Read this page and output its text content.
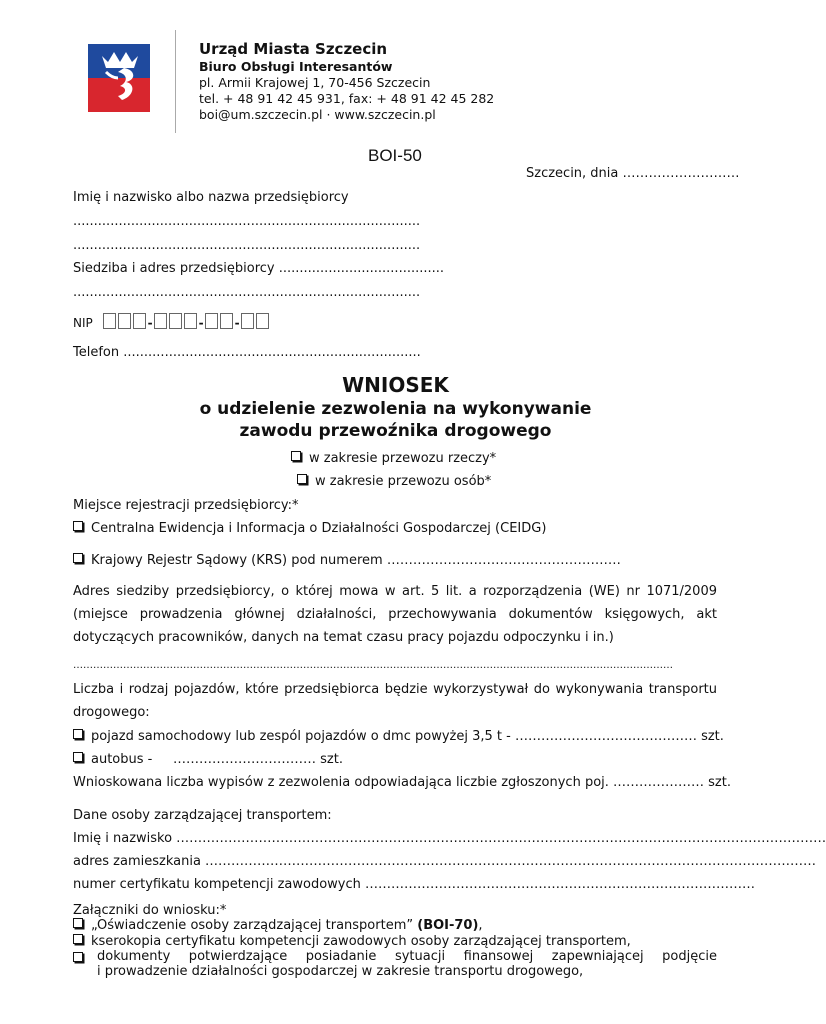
Urząd Miasta Szczecin
Biuro Obsługi Interesantów
pl. Armii Krajowej 1, 70-456 Szczecin
tel. + 48 91 42 45 931, fax: + 48 91 42 45 282
boi@um.szczecin.pl · www.szczecin.pl
BOI-50
Szczecin, dnia ………………………
Imię i nazwisko albo nazwa przedsiębiorcy
....................................................................................
....................................................................................
Siedziba i adres przedsiębiorcy ........................................
....................................................................................
NIP	-	-	-
Telefon ........................................................................
WNIOSEK
o udzielenie zezwolenia na wykonywanie
zawodu przewoźnika drogowego
w zakresie przewozu rzeczy*
w zakresie przewozu osób*
Miejsce rejestracji przedsiębiorcy:*
Centralna Ewidencja i Informacja o Działalności Gospodarczej (CEIDG)
Krajowy Rejestr Sądowy (KRS) pod numerem ………………………………………………
Adres siedziby przedsiębiorcy, o której mowa w art. 5 lit. a rozporządzenia (WE) nr 1071/2009
(miejsce prowadzenia głównej działalności, przechowywania dokumentów księgowych, akt
dotyczących pracowników, danych na temat czasu pracy pojazdu odpoczynku i in.)
………………………………………………………………………………………………………………………………………………………………
Liczba i rodzaj pojazdów, które przedsiębiorca będzie wykorzystywał do wykonywania transportu
drogowego:
pojazd samochodowy lub zespól pojazdów o dmc powyżej 3,5 t - …………………………………… szt.
autobus -     …………………………… szt.
Wnioskowana liczba wypisów z zezwolenia odpowiadająca liczbie zgłoszonych poj. ………………… szt.
Dane osoby zarządzającej transportem:
Imię i nazwisko ……………………………………………………………………………………………………………………………………
adres zamieszkania ……………………………………………………………………………………………………………………………
numer certyfikatu kompetencji zawodowych ………………………………………………………………………………
Załączniki do wniosku:*
„Oświadczenie osoby zarządzającej transportem” (BOI-70),
kserokopia certyfikatu kompetencji zawodowych osoby zarządzającej transportem,
dokumenty potwierdzające posiadanie sytuacji finansowej zapewniającej podjęcie
i prowadzenie działalności gospodarczej w zakresie transportu drogowego,
